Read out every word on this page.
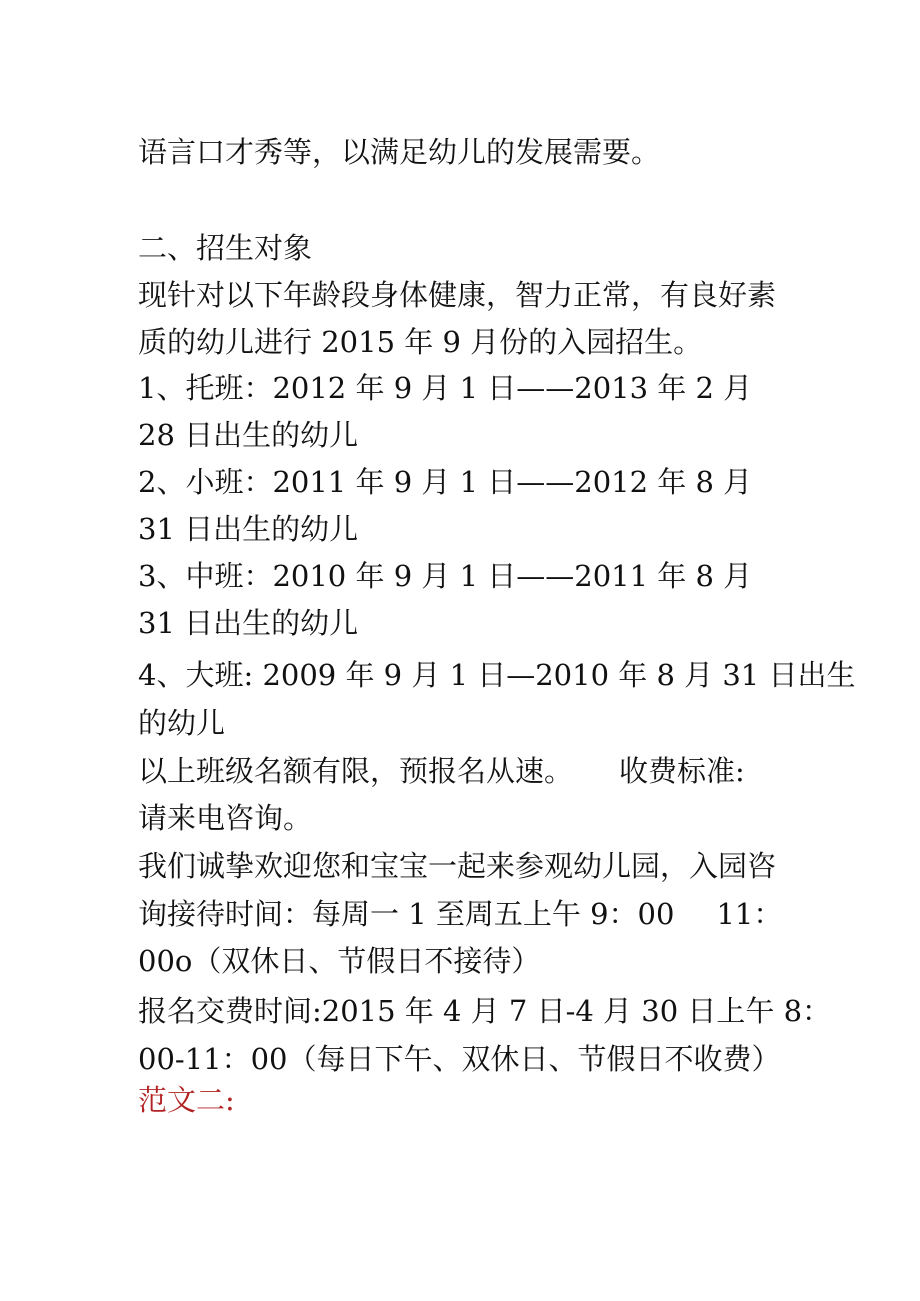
语言口才秀等，以满足幼儿的发展需要。
二、招生对象
现针对以下年龄段身体健康，智力正常，有良好素
质的幼儿进行 2015 年 9 月份的入园招生。
1、托班：2012 年 9 月 1 日——2013 年 2 月
28 日出生的幼儿
2、小班：2011 年 9 月 1 日——2012 年 8 月
31 日出生的幼儿
3、中班：2010 年 9 月 1 日——2011 年 8 月
31 日出生的幼儿
4、大班: 2009 年 9 月 1 日—2010 年 8 月 31 日出生
的幼儿
以上班级名额有限，预报名从速。 收费标准:
请来电咨询。
我们诚挚欢迎您和宝宝一起来参观幼儿园，入园咨
询接待时间：每周一 1 至周五上午 9：00 11：
00o（双休日、节假日不接待）
报名交费时间:2015 年 4 月 7 日-4 月 30 日上午 8：
00-11：00（每日下午、双休日、节假日不收费）
范文二:
